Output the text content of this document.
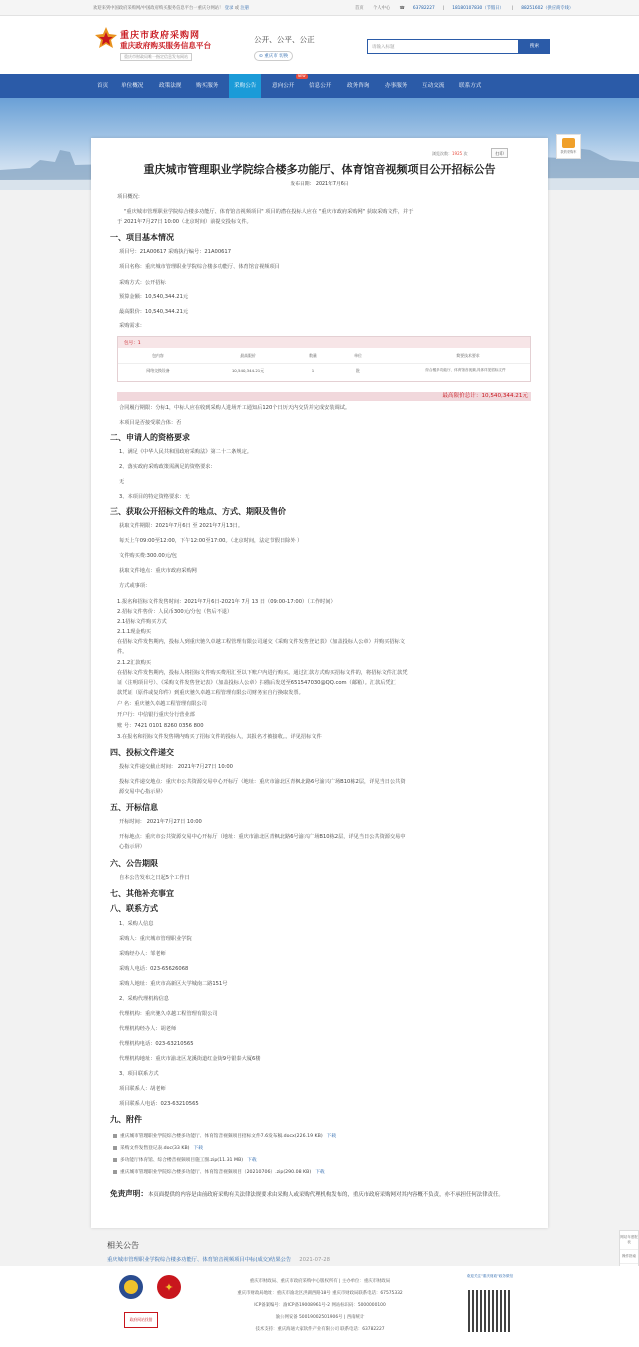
欢迎来到中国政府采购网/中国政府购买服务信息平台一重庆分网站！ 登录 或 注册	首页 个人中心 ☎ 63782227 | 18180107830（节假日） | 88251602（供应商专线）
重庆市政府采购网
重庆政府购买服务信息平台
重庆市财政局唯一指定信息发布网站
公开、公平、公正
⊙ 重庆市 切换
请输入标题	搜索
首页 单位概况	政策法规	购买服务	采购公告	意向公开
NEW
信息公开	政务咨询	办事服务	互动交流	联系方式
我的采购车
浏览次数：1925 次	打印
重庆城市管理职业学院综合楼多功能厅、体育馆音视频项目公开招标公告
发布日期： 2021年7月6日
项目概况：
"重庆城市管理职业学院综合楼多功能厅、体育馆音视频项目" 项目的潜在投标人应在 "重庆市政府采购网" 获取采购文件，并于
于 2021年7月27日 10:00（北京时间）前提交投标文件。
一、项目基本情况
项目号：21A00617 采购执行编号：21A00617
项目名称：重庆城市管理职业学院综合楼多功能厅、体育馆音视频项目
采购方式：公开招标
预算金额：10,540,344.21元
最高限价：10,540,344.21元
采购需求：
包号：1
包内容	最高限价	数量	单位	简要技术要求
网络交换设备	10,540,344.21元	1	批	综合楼多功能厅、体育馆音视频,具体详见招标文件
最高限价总计：10,540,344.21元
合同履行期限：分标1，中标人应在收到采购人进场开工通知后120个日历天内交货并完成安装调试。
本项目是否接受联合体：否
二、申请人的资格要求
1、满足《中华人民共和国政府采购法》第二十二条规定。
2、落实政府采购政策需满足的资格要求：
无
3、本项目的特定资格要求：无
三、获取公开招标文件的地点、方式、期限及售价
获取文件期限：2021年7月6日 至 2021年7月13日。
每天上午09:00至12:00，下午12:00至17:00。（北京时间，法定节假日除外 ）
文件购买费:300.00元/包
获取文件地点：重庆市政府采购网
方式或事项：
1.报名和招标文件发售时间：2021年7月6日-2021年 7月 13 日（09:00-17:00）（工作时间）
2.招标文件售价：人民币300元/分包（售后不退）
2.1招标文件购买方式
2.1.1现金购买
在招标文件发售期内，投标人到重庆驰久卓越工程管理有限公司递交《采购文件发售登记表》（加盖投标人公章）并购买招标文
件。
2.1.2汇款购买
在招标文件发售期内，投标人将招标文件购买费用汇至以下账户内进行购买。通过汇款方式购买招标文件的，将招标文件汇款凭
证（注明项目号）、《采购文件发售登记表》（加盖投标人公章）扫描后发送至651547030@QQ.com（邮箱）。汇款后凭汇
款凭证（原件或复印件）到重庆驰久卓越工程管理有限公司财务室自行换取发票。
户 名：重庆驰久卓越工程管理有限公司
开户行：中信银行重庆分行营业部
账 号：7421 0101 8260 0356 800
3.在报名和招标文件发售期内购买了招标文件的投标人，其报名才被接收。。详见招标文件
四、投标文件递交
投标文件递交截止时间： 2021年7月27日 10:00
投标文件递交地点：重庆市公共资源交易中心开标厅（地址：重庆市渝北区青枫北路6号渝兴广场B10栋2层，详见当日公共资
源交易中心指示屏）
五、开标信息
开标时间： 2021年7月27日 10:00
开标地点：重庆市公共资源交易中心开标厅（地址：重庆市渝北区青枫北路6号渝兴广场B10栋2层，详见当日公共资源交易中
心指示屏）
六、公告期限
自本公告发布之日起5个工作日
七、其他补充事宜
八、联系方式
1、采购人信息
采购人：重庆城市管理职业学院
采购经办人：邹老师
采购人电话：023-65626068
采购人地址：重庆市高新区大学城南二路151号
2、采购代理机构信息
代理机构：重庆驰久卓越工程管理有限公司
代理机构经办人：胡老师
代理机构电话：023-63210565
代理机构地址：重庆市渝北区龙溪街道红金街9号银泰大厦6楼
3、项目联系方式
项目联系人：胡老师
项目联系人电话：023-63210565
九、附件
重庆城市管理职业学院综合楼多功能厅、体育馆音视频项目招标文件7.6发布稿.docx(226.19 KB) 下载
采购文件发售登记表.doc(33 KB) 下载
多功能厅体育馆、综合楼音视频项目施工图.zip(11.31 MB) 下载
重庆城市管理职业学院综合楼多功能厅、体育馆音视频项目（20210706）.zip(290.08 KB) 下载
免责声明：本页面提供的内容是由前政府采购有关法律法规要求由采购人或采购代理机构发布的，重庆市政府采购网对其内容概不负责，亦不承担任何法律责任。
相关公告
重庆城市管理职业学院综合楼多功能厅、体育馆音视频项目中标(成交)结果公告 2021-07-28
网站年度报表
操作指南
✦
政府网站找错
重庆市财政局、重庆市政府采购中心版权所有 | 主办单位：重庆市财政局
重庆市财政局地址：重庆市渝北区洪湖西路18号 重庆市财政局联系电话：67575332
ICP备案编号：渝ICP备19008961号-2 网站标识码：5000000100
渝公网安备 50019002501906号 | 西南统计
技术支持：重庆海通大家软件产业有限公司 联系电话：63782227
欢迎关注"重庆财政"政务微信
